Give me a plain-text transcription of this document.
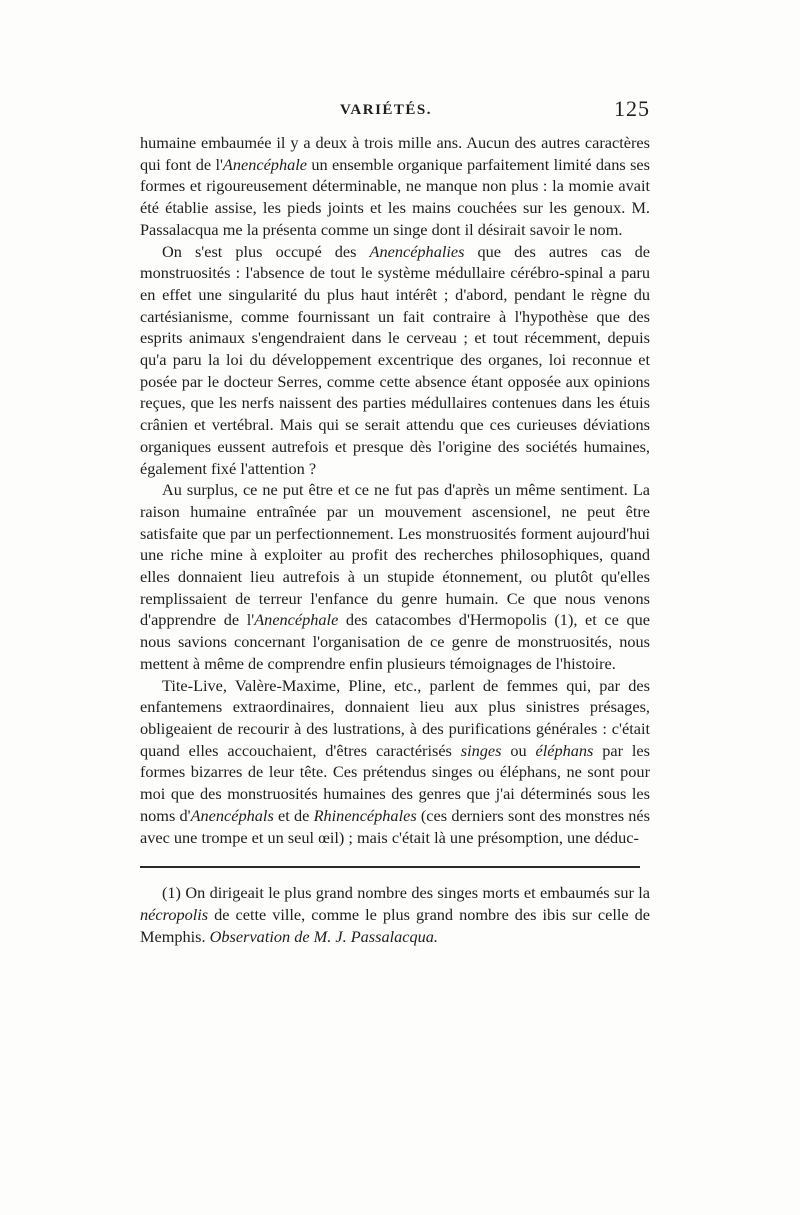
VARIÉTÉS.	125

humaine embaumée il y a deux à trois mille ans. Aucun des autres caractères qui font de l'Anencéphale un ensemble organique parfaitement limité dans ses formes et rigoureusement déterminable, ne manque non plus : la momie avait été établie assise, les pieds joints et les mains couchées sur les genoux. M. Passalacqua me la présenta comme un singe dont il désirait savoir le nom.

On s'est plus occupé des Anencéphalies que des autres cas de monstruosités : l'absence de tout le système médullaire cérébro-spinal a paru en effet une singularité du plus haut intérêt ; d'abord, pendant le règne du cartésianisme, comme fournissant un fait contraire à l'hypothèse que des esprits animaux s'engendraient dans le cerveau ; et tout récemment, depuis qu'a paru la loi du développement excentrique des organes, loi reconnue et posée par le docteur Serres, comme cette absence étant opposée aux opinions reçues, que les nerfs naissent des parties médullaires contenues dans les étuis crânien et vertébral. Mais qui se serait attendu que ces curieuses déviations organiques eussent autrefois et presque dès l'origine des sociétés humaines, également fixé l'attention ?

Au surplus, ce ne put être et ce ne fut pas d'après un même sentiment. La raison humaine entraînée par un mouvement ascensionel, ne peut être satisfaite que par un perfectionnement. Les monstruosités forment aujourd'hui une riche mine à exploiter au profit des recherches philosophiques, quand elles donnaient lieu autrefois à un stupide étonnement, ou plutôt qu'elles remplissaient de terreur l'enfance du genre humain. Ce que nous venons d'apprendre de l'Anencéphale des catacombes d'Hermopolis (1), et ce que nous savions concernant l'organisation de ce genre de monstruosités, nous mettent à même de comprendre enfin plusieurs témoignages de l'histoire.

Tite-Live, Valère-Maxime, Pline, etc., parlent de femmes qui, par des enfantemens extraordinaires, donnaient lieu aux plus sinistres présages, obligeaient de recourir à des lustrations, à des purifications générales : c'était quand elles accouchaient, d'êtres caractérisés singes ou éléphans par les formes bizarres de leur tête. Ces prétendus singes ou éléphans, ne sont pour moi que des monstruosités humaines des genres que j'ai déterminés sous les noms d'Anencéphals et de Rhinencéphales (ces derniers sont des monstres nés avec une trompe et un seul œil) ; mais c'était là une présomption, une déduc-

(1) On dirigeait le plus grand nombre des singes morts et embaumés sur la nécropolis de cette ville, comme le plus grand nombre des ibis sur celle de Memphis. Observation de M. J. Passalacqua.
